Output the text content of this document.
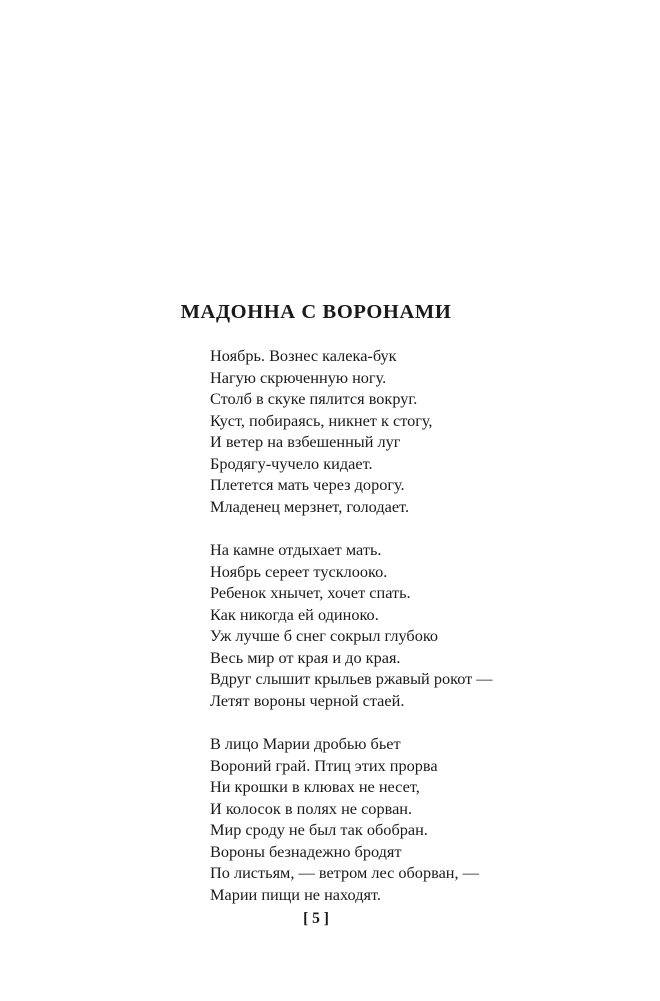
МАДОННА С ВОРОНАМИ
Ноябрь. Вознес калека-бук
Нагую скрюченную ногу.
Столб в скуке пялится вокруг.
Куст, побираясь, никнет к стогу,
И ветер на взбешенный луг
Бродягу-чучело кидает.
Плетется мать через дорогу.
Младенец мерзнет, голодает.
На камне отдыхает мать.
Ноябрь сереет тусклооко.
Ребенок хнычет, хочет спать.
Как никогда ей одиноко.
Уж лучше б снег сокрыл глубоко
Весь мир от края и до края.
Вдруг слышит крыльев ржавый рокот —
Летят вороны черной стаей.
В лицо Марии дробью бьет
Вороний грай. Птиц этих прорва
Ни крошки в клювах не несет,
И колосок в полях не сорван.
Мир сроду не был так обобран.
Вороны безнадежно бродят
По листьям, — ветром лес оборван, —
Марии пищи не находят.
[ 5 ]
